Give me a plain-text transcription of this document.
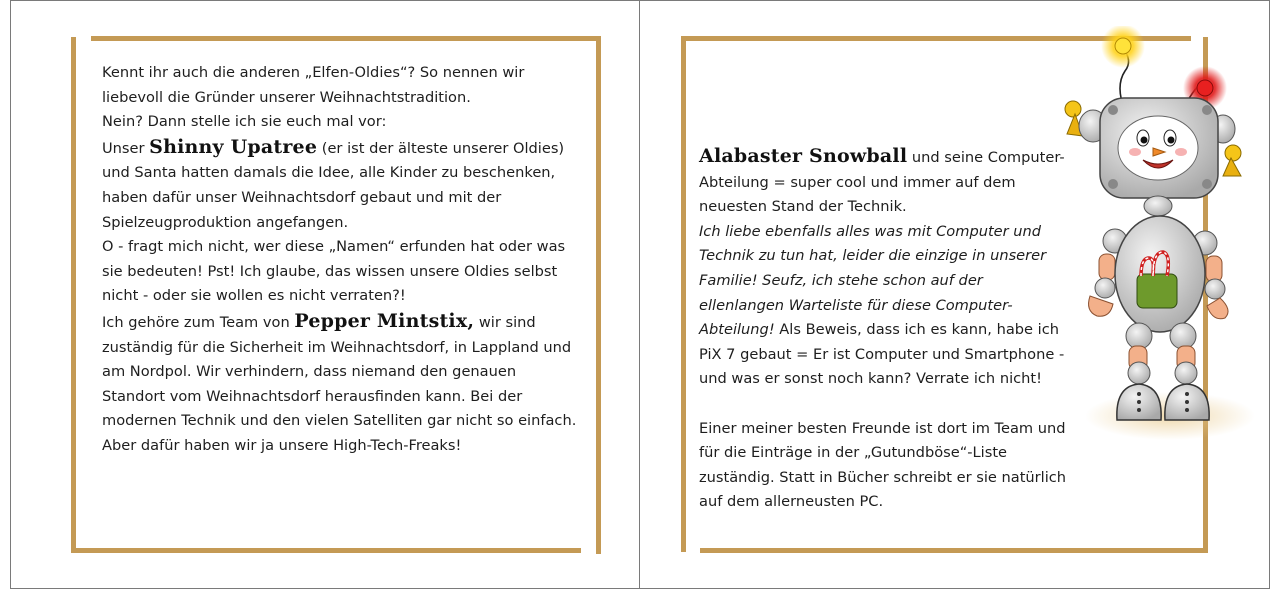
Kennt ihr auch die anderen „Elfen-Oldies“? So nennen wir liebevoll die Gründer unserer Weihnachtstradition.

Nein? Dann stelle ich sie euch mal vor:

Unser Shinny Upatree (er ist der älteste unserer Oldies) und Santa hatten damals die Idee, alle Kinder zu beschenken, haben dafür unser Weihnachtsdorf gebaut und mit der Spielzeugproduktion angefangen.

O - fragt mich nicht, wer diese „Namen“ erfunden hat oder was sie bedeuten! Pst! Ich glaube, das wissen unsere Oldies selbst nicht - oder sie wollen es nicht verraten?!

Ich gehöre zum Team von Pepper Mintstix, wir sind zuständig für die Sicherheit im Weihnachtsdorf, in Lappland und am Nordpol. Wir verhindern, dass niemand den genauen Standort vom Weihnachtsdorf herausfinden kann. Bei der modernen Technik und den vielen Satelliten gar nicht so einfach.

Aber dafür haben wir ja unsere High-Tech-Freaks!

Alabaster Snowball und seine Computer-Abteilung = super cool und immer auf dem neuesten Stand der Technik.

Ich liebe ebenfalls alles was mit Computer und Technik zu tun hat, leider die einzige in unserer Familie! Seufz, ich stehe schon auf der ellenlangen Warteliste für diese Computer-Abteilung! Als Beweis, dass ich es kann, habe ich PiX 7 gebaut = Er ist Computer und Smartphone - und was er sonst noch kann? Verrate ich nicht!

Einer meiner besten Freunde ist dort im Team und für die Einträge in der „Gutundböse“-Liste zuständig. Statt in Bücher schreibt er sie natürlich auf dem allerneusten PC.
